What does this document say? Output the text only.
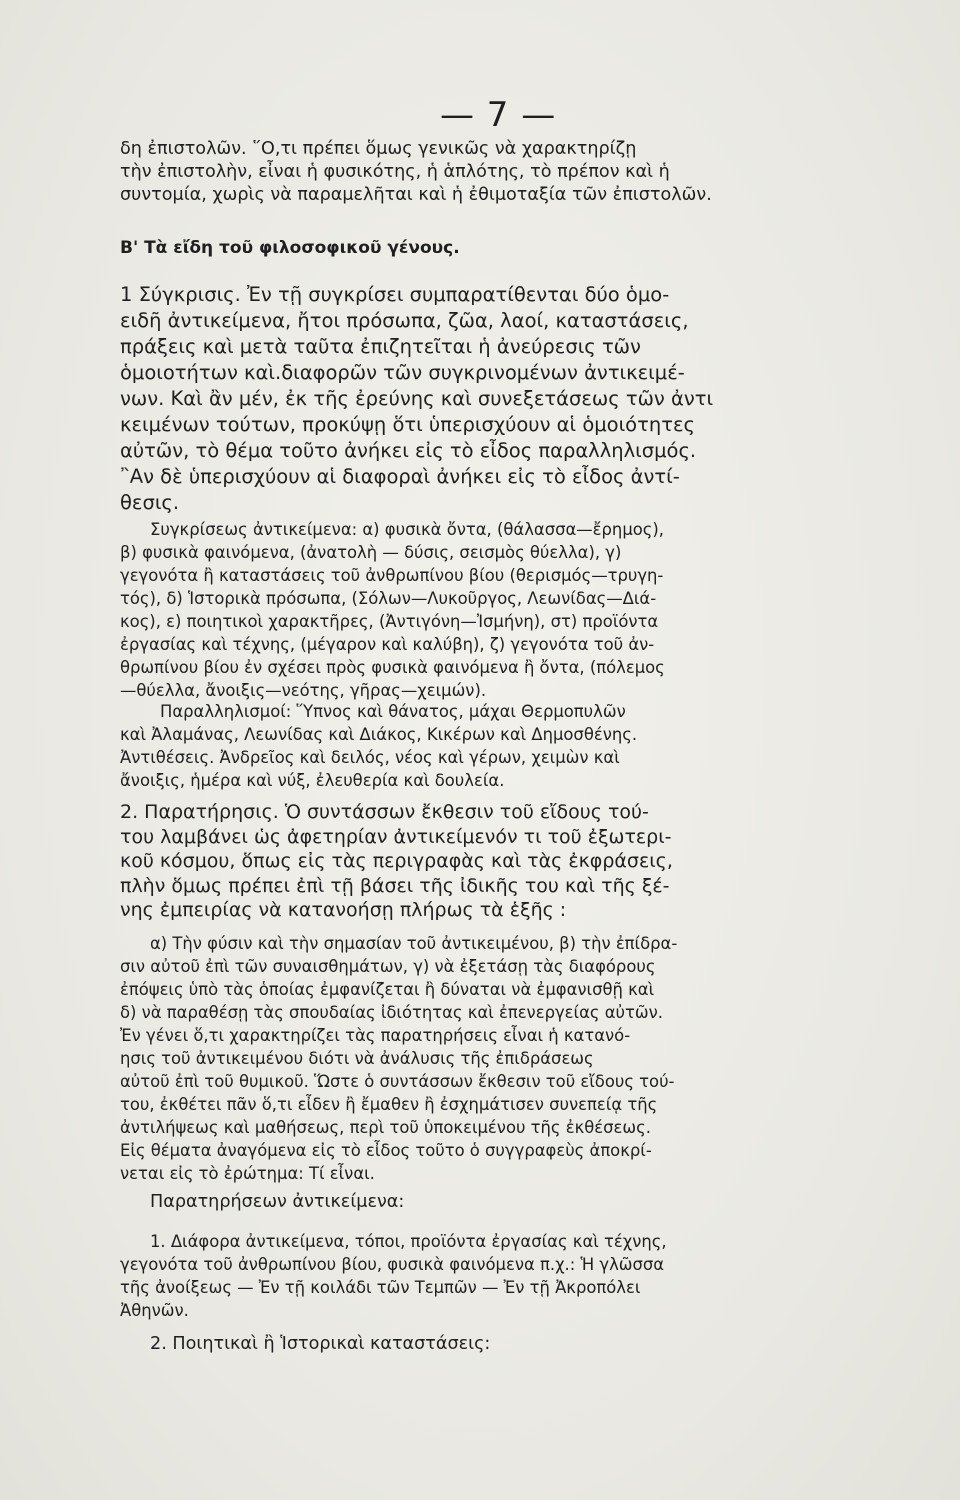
— 7 —
δη ἐπιστολῶν. ῞Ο,τι πρέπει ὅμως γενικῶς νὰ χαρακτηρίζῃ
τὴν ἐπιστολὴν, εἶναι ἡ φυσικότης, ἡ ἁπλότης, τὸ πρέπον καὶ ἡ
συντομία, χωρὶς νὰ παραμελῆται καὶ ἡ ἐθιμοταξία τῶν ἐπιστολῶν.
Β' Τὰ εἴδη τοῦ φιλοσοφικοῦ γένους.
1 Σύγκρισις. Ἐν τῇ συγκρίσει συμπαρατίθενται δύο ὁμο-
ειδῆ ἀντικείμενα, ἤτοι πρόσωπα, ζῶα, λαοί, καταστάσεις,
πράξεις καὶ μετὰ ταῦτα ἐπιζητεῖται ἡ ἀνεύρεσις τῶν
ὁμοιοτήτων καὶ.διαφορῶν τῶν συγκρινομένων ἀντικειμέ-
νων. Καὶ ἂν μέν, ἐκ τῆς ἐρεύνης καὶ συνεξετάσεως τῶν ἀντι
κειμένων τούτων, προκύψῃ ὅτι ὑπερισχύουν αἱ ὁμοιότητες
αὐτῶν, τὸ θέμα τοῦτο ἀνήκει εἰς τὸ εἶδος παραλληλισμός.
῍Αν δὲ ὑπερισχύουν αἱ διαφοραὶ ἀνήκει εἰς τὸ εἶδος ἀντί-
θεσις.
Συγκρίσεως ἀντικείμενα: α) φυσικὰ ὄντα, (θάλασσα—ἔρημος),
β) φυσικὰ φαινόμενα, (ἀνατολὴ — δύσις, σεισμὸς θύελλα), γ)
γεγονότα ἢ καταστάσεις τοῦ ἀνθρωπίνου βίου (θερισμός—τρυγη-
τός), δ) Ἱστορικὰ πρόσωπα, (Σόλων—Λυκοῦργος, Λεωνίδας—Διά-
κος), ε) ποιητικοὶ χαρακτῆρες, (Ἀντιγόνη—Ἰσμήνη), στ) προϊόντα
ἐργασίας καὶ τέχνης, (μέγαρον καὶ καλύβη), ζ) γεγονότα τοῦ ἀν-
θρωπίνου βίου ἐν σχέσει πρὸς φυσικὰ φαινόμενα ἢ ὄντα, (πόλεμος
—θύελλα, ἄνοιξις—νεότης, γῆρας—χειμών).
Παραλληλισμοί: Ὕπνος καὶ θάνατος, μάχαι Θερμοπυλῶν
καὶ Ἀλαμάνας, Λεωνίδας καὶ Διάκος, Κικέρων καὶ Δημοσθένης.
Ἀντιθέσεις. Ἀνδρεῖος καὶ δειλός, νέος καὶ γέρων, χειμὼν καὶ
ἄνοιξις, ἡμέρα καὶ νύξ, ἐλευθερία καὶ δουλεία.
2. Παρατήρησις. Ὁ συντάσσων ἔκθεσιν τοῦ εἴδους τού-
του λαμβάνει ὡς ἀφετηρίαν ἀντικείμενόν τι τοῦ ἐξωτερι-
κοῦ κόσμου, ὅπως εἰς τὰς περιγραφὰς καὶ τὰς ἐκφράσεις,
πλὴν ὅμως πρέπει ἐπὶ τῇ βάσει τῆς ἰδικῆς του καὶ τῆς ξέ-
νης ἐμπειρίας νὰ κατανοήσῃ πλήρως τὰ ἑξῆς :
α) Τὴν φύσιν καὶ τὴν σημασίαν τοῦ ἀντικειμένου, β) τὴν ἐπίδρα-
σιν αὐτοῦ ἐπὶ τῶν συναισθημάτων, γ) νὰ ἐξετάσῃ τὰς διαφόρους
ἐπόψεις ὑπὸ τὰς ὁποίας ἐμφανίζεται ἢ δύναται νὰ ἐμφανισθῇ καὶ
δ) νὰ παραθέσῃ τὰς σπουδαίας ἰδιότητας καὶ ἐπενεργείας αὐτῶν.
Ἐν γένει ὅ,τι χαρακτηρίζει τὰς παρατηρήσεις εἶναι ἡ κατανό-
ησις τοῦ ἀντικειμένου διότι νὰ ἀνάλυσις τῆς ἐπιδράσεως
αὐτοῦ ἐπὶ τοῦ θυμικοῦ. Ὥστε ὁ συντάσσων ἔκθεσιν τοῦ εἴδους τού-
του, ἐκθέτει πᾶν ὅ,τι εἶδεν ἢ ἔμαθεν ἢ ἐσχημάτισεν συνεπείᾳ τῆς
ἀντιλήψεως καὶ μαθήσεως, περὶ τοῦ ὑποκειμένου τῆς ἐκθέσεως.
Εἰς θέματα ἀναγόμενα εἰς τὸ εἶδος τοῦτο ὁ συγγραφεὺς ἀποκρί-
νεται εἰς τὸ ἐρώτημα: Τί εἶναι.
Παρατηρήσεων ἀντικείμενα:
1. Διάφορα ἀντικείμενα, τόποι, προϊόντα ἐργασίας καὶ τέχνης,
γεγονότα τοῦ ἀνθρωπίνου βίου, φυσικὰ φαινόμενα π.χ.: Ἡ γλῶσσα
τῆς ἀνοίξεως — Ἐν τῇ κοιλάδι τῶν Τεμπῶν — Ἐν τῇ Ἀκροπόλει
Ἀθηνῶν.
2. Ποιητικαὶ ἢ Ἱστορικαὶ καταστάσεις:
